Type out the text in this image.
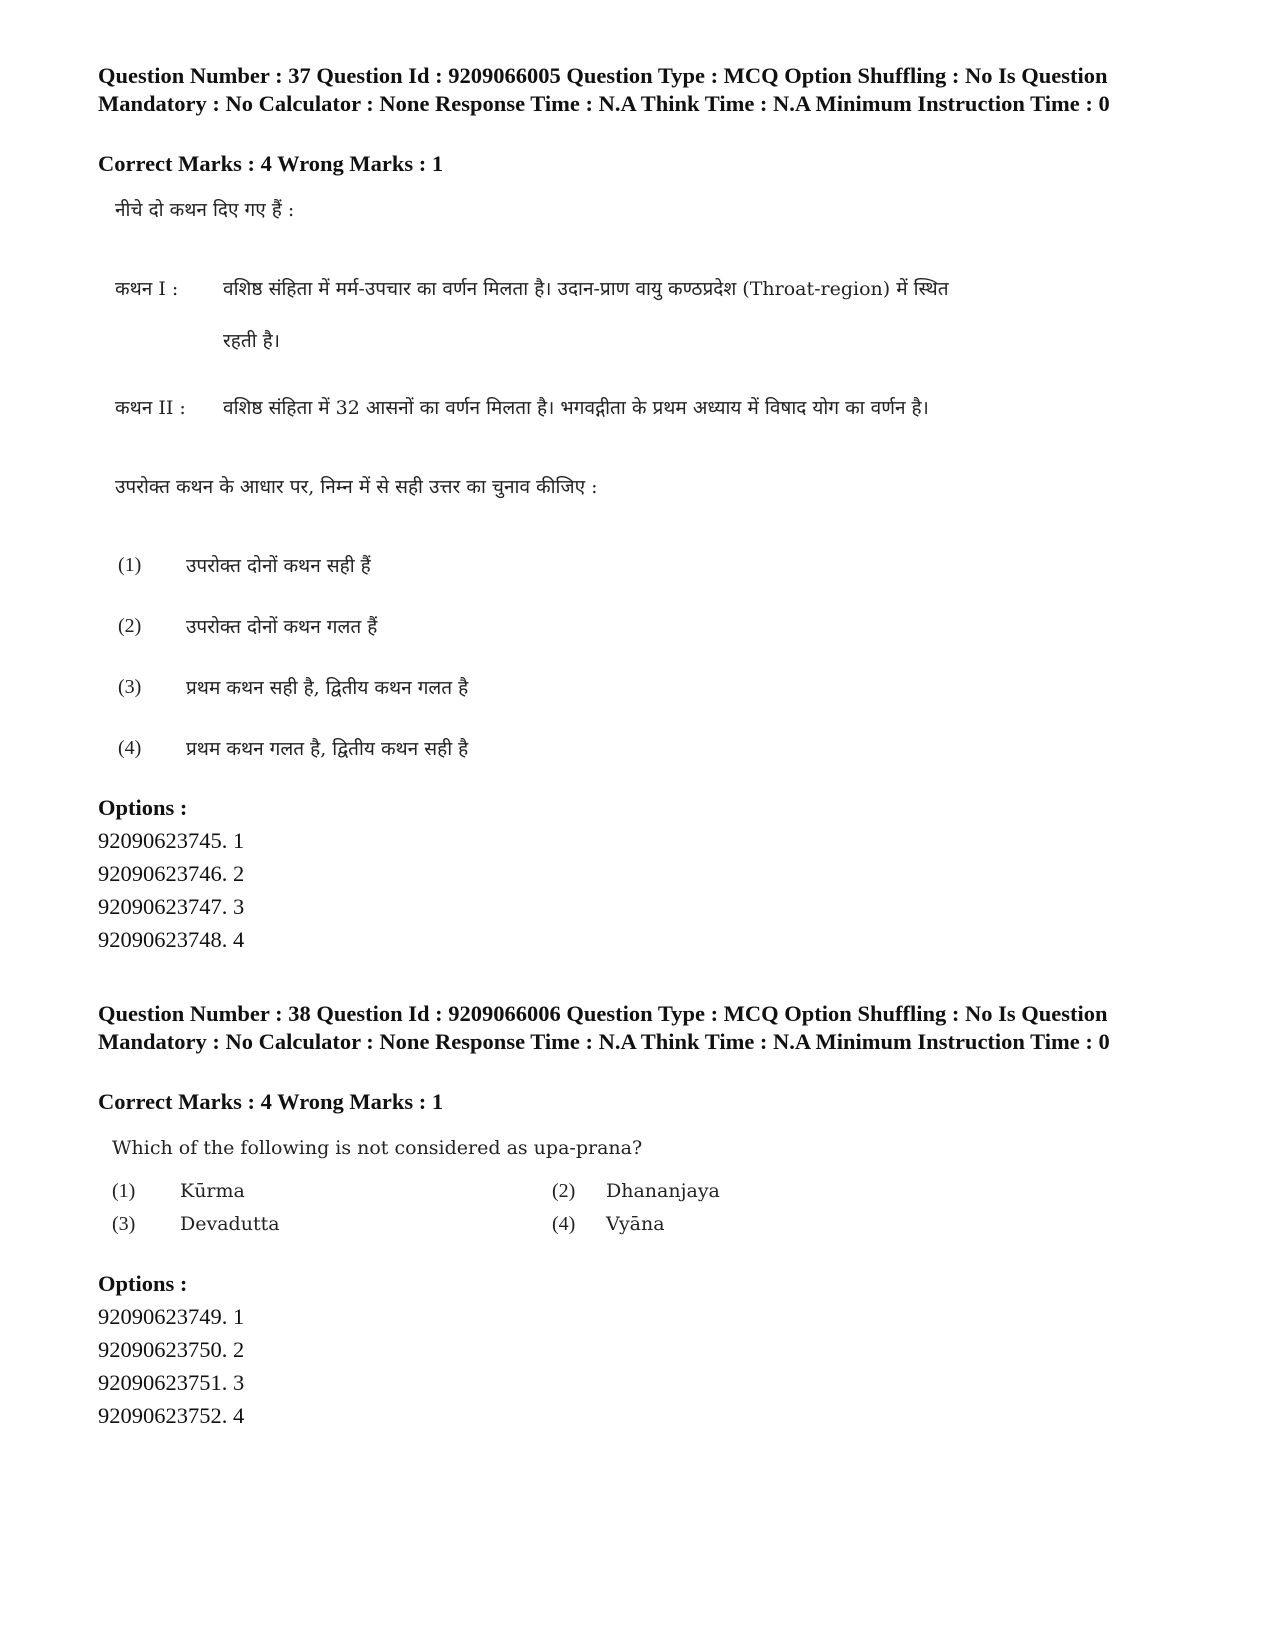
Question Number : 37 Question Id : 9209066005 Question Type : MCQ Option Shuffling : No Is Question Mandatory : No Calculator : None Response Time : N.A Think Time : N.A Minimum Instruction Time : 0
Correct Marks : 4 Wrong Marks : 1
नीचे दो कथन दिए गए हैं :
कथन I : वशिष्ठ संहिता में मर्म-उपचार का वर्णन मिलता है। उदान-प्राण वायु कण्ठप्रदेश (Throat-region) में स्थित
रहती है।
कथन II : वशिष्ठ संहिता में 32 आसनों का वर्णन मिलता है। भगवद्गीता के प्रथम अध्याय में विषाद योग का वर्णन है।
उपरोक्त कथन के आधार पर, निम्न में से सही उत्तर का चुनाव कीजिए :
(1) उपरोक्त दोनों कथन सही हैं
(2) उपरोक्त दोनों कथन गलत हैं
(3) प्रथम कथन सही है, द्वितीय कथन गलत है
(4) प्रथम कथन गलत है, द्वितीय कथन सही है
Options :
92090623745. 1
92090623746. 2
92090623747. 3
92090623748. 4
Question Number : 38 Question Id : 9209066006 Question Type : MCQ Option Shuffling : No Is Question Mandatory : No Calculator : None Response Time : N.A Think Time : N.A Minimum Instruction Time : 0
Correct Marks : 4 Wrong Marks : 1
Which of the following is not considered as upa-prana?
(1) Kūrma	(2) Dhananjaya
(3) Devadutta	(4) Vyāna
Options :
92090623749. 1
92090623750. 2
92090623751. 3
92090623752. 4
